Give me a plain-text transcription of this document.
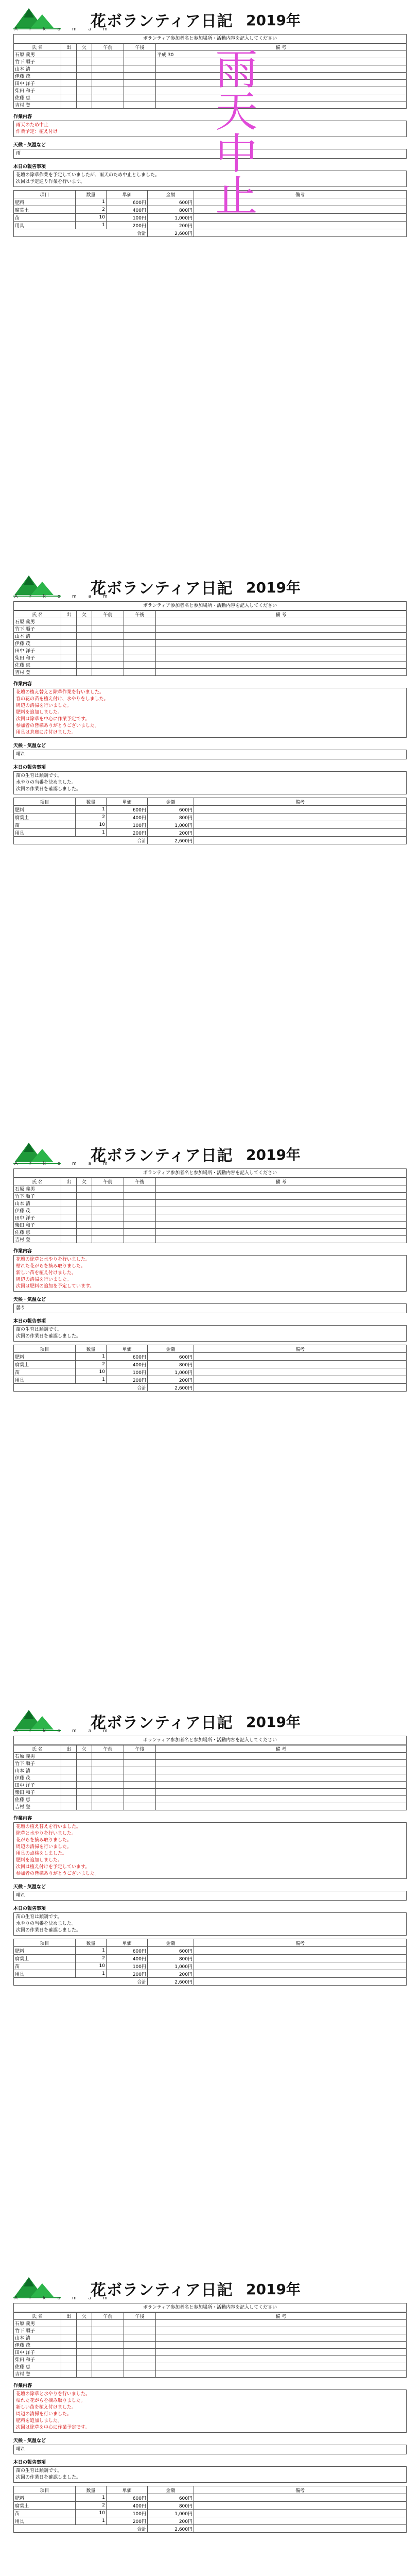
花ボランティア日記 2019年
A r k o m a m
ボランティア参加者名と参加場所・活動内容を記入してください
氏 名	出	欠	午前	午後	備 考
石原 義男					平成 30
竹下 順子					
山本 清					
伊藤 茂					
田中 洋子					
柴田 和子					
佐藤 恵					
吉村 登					
作業内容
雨天のため中止
作業予定：植え付け
天候・気温など
雨
本日の報告事項
花壇の除草作業を予定していましたが、雨天のため中止としました。
次回は予定通り作業を行います。
項目	数量	単価	金額	備考
肥料	1	600円	600円	
腐葉土	2	400円	800円	
苗	10	100円	1,000円	
用具	1	200円	200円	
合計			2,600円	
雨天中止
花ボランティア日記 2019年
A r k o m a m
ボランティア参加者名と参加場所・活動内容を記入してください
氏 名	出	欠	午前	午後	備 考
石原 義男					
竹下 順子					
山本 清					
伊藤 茂					
田中 洋子					
柴田 和子					
佐藤 恵					
吉村 登					
作業内容
花壇の植え替えと除草作業を行いました。
春の花の苗を植え付け、水やりをしました。
周辺の清掃を行いました。
肥料を追加しました。
次回は除草を中心に作業予定です。
参加者の皆様ありがとうございました。
用具は倉庫に片付けました。
天候・気温など
晴れ
本日の報告事項
苗の生育は順調です。
水やりの当番を決めました。
次回の作業日を確認しました。
項目	数量	単価	金額	備考
肥料	1	600円	600円	
腐葉土	2	400円	800円	
苗	10	100円	1,000円	
用具	1	200円	200円	
合計			2,600円	
花ボランティア日記 2019年
A r k o m a m
ボランティア参加者名と参加場所・活動内容を記入してください
氏 名	出	欠	午前	午後	備 考
石原 義男					
竹下 順子					
山本 清					
伊藤 茂					
田中 洋子					
柴田 和子					
佐藤 恵					
吉村 登					
作業内容
花壇の除草と水やりを行いました。
枯れた花がらを摘み取りました。
新しい苗を植え付けました。
周辺の清掃を行いました。
次回は肥料の追加を予定しています。
天候・気温など
曇り
本日の報告事項
苗の生育は順調です。
次回の作業日を確認しました。
項目	数量	単価	金額	備考
肥料	1	600円	600円	
腐葉土	2	400円	800円	
苗	10	100円	1,000円	
用具	1	200円	200円	
合計			2,600円	
花ボランティア日記 2019年
A r k o m a m
ボランティア参加者名と参加場所・活動内容を記入してください
氏 名	出	欠	午前	午後	備 考
石原 義男					
竹下 順子					
山本 清					
伊藤 茂					
田中 洋子					
柴田 和子					
佐藤 恵					
吉村 登					
作業内容
花壇の植え替えを行いました。
除草と水やりを行いました。
花がらを摘み取りました。
周辺の清掃を行いました。
用具の点検をしました。
肥料を追加しました。
次回は植え付けを予定しています。
参加者の皆様ありがとうございました。
天候・気温など
晴れ
本日の報告事項
苗の生育は順調です。
水やりの当番を決めました。
次回の作業日を確認しました。
項目	数量	単価	金額	備考
肥料	1	600円	600円	
腐葉土	2	400円	800円	
苗	10	100円	1,000円	
用具	1	200円	200円	
合計			2,600円	
花ボランティア日記 2019年
A r k o m a m
ボランティア参加者名と参加場所・活動内容を記入してください
氏 名	出	欠	午前	午後	備 考
石原 義男					
竹下 順子					
山本 清					
伊藤 茂					
田中 洋子					
柴田 和子					
佐藤 恵					
吉村 登					
作業内容
花壇の除草と水やりを行いました。
枯れた花がらを摘み取りました。
新しい苗を植え付けました。
周辺の清掃を行いました。
肥料を追加しました。
次回は除草を中心に作業予定です。
天候・気温など
晴れ
本日の報告事項
苗の生育は順調です。
次回の作業日を確認しました。
項目	数量	単価	金額	備考
肥料	1	600円	600円	
腐葉土	2	400円	800円	
苗	10	100円	1,000円	
用具	1	200円	200円	
合計			2,600円	
